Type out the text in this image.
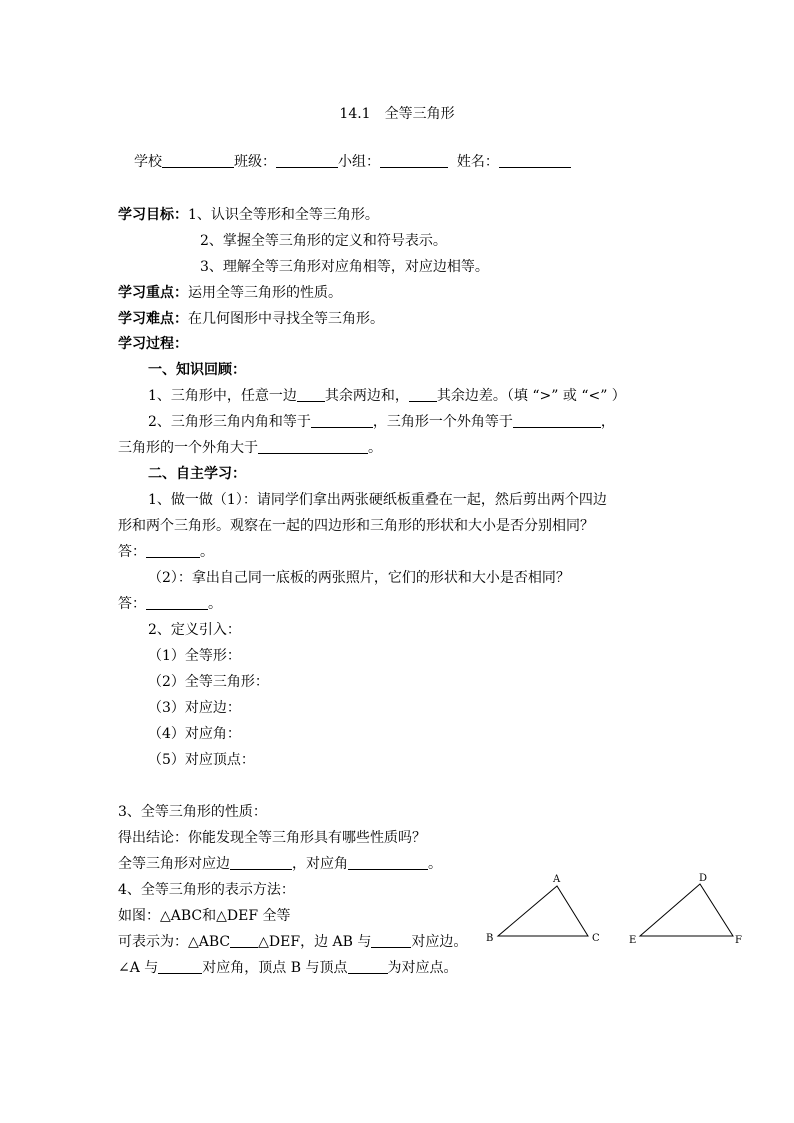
14.1　全等三角形
学校	班级：	小组：	姓名：
学习目标：1、认识全等形和全等三角形。
2、掌握全等三角形的定义和符号表示。
3、理解全等三角形对应角相等，对应边相等。
学习重点：运用全等三角形的性质。
学习难点：在几何图形中寻找全等三角形。
学习过程：
一、知识回顾：
1、三角形中，任意一边 其余两边和， 其余边差。（填 “>” 或 “<” ）
2、三角形三角内角和等于	，三角形一个外角等于	，
三角形的一个外角大于	。
二、自主学习：
1、做一做（1）：请同学们拿出两张硬纸板重叠在一起，然后剪出两个四边
形和两个三角形。观察在一起的四边形和三角形的形状和大小是否分别相同？
答：	。
（2）：拿出自己同一底板的两张照片，它们的形状和大小是否相同？
答：	。
2、定义引入：
（1）全等形：
（2）全等三角形：
（3）对应边：
（4）对应角：
（5）对应顶点：
3、全等三角形的性质：
得出结论：你能发现全等三角形具有哪些性质吗？
全等三角形对应边	，对应角	。
4、全等三角形的表示方法：
如图：△ABC和△DEF 全等
可表示为：△ABC △DEF，边 AB 与	对应边。
∠A 与	对应角，顶点 B 与顶点	为对应点。
A
B	C
D
E	F
